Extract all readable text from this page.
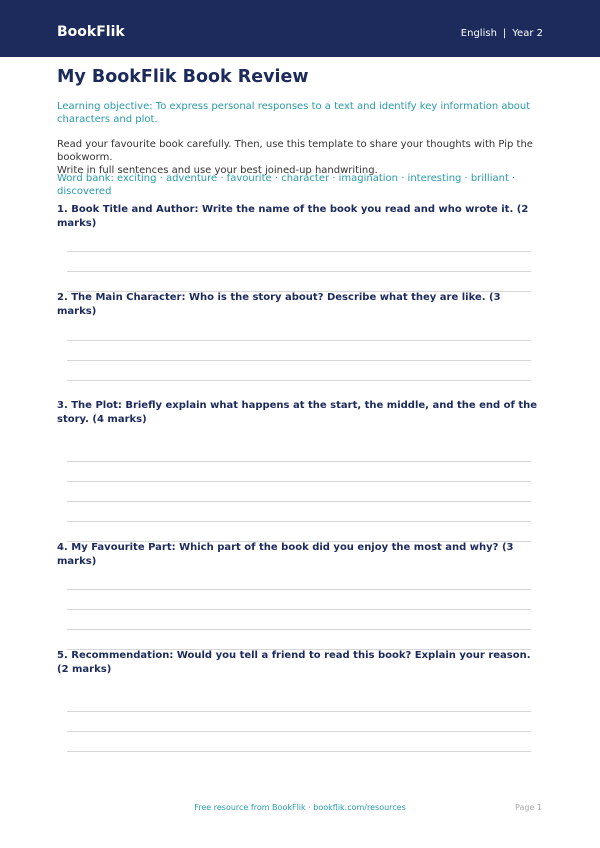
BookFlik	English | Year 2
My BookFlik Book Review
Learning objective: To express personal responses to a text and identify key information about characters and plot.

Read your favourite book carefully. Then, use this template to share your thoughts with Pip the bookworm.

Write in full sentences and use your best joined-up handwriting.

Word bank: exciting · adventure · favourite · character · imagination · interesting · brilliant · discovered
1. Book Title and Author: Write the name of the book you read and who wrote it. (2 marks)
2. The Main Character: Who is the story about? Describe what they are like. (3 marks)
3. The Plot: Briefly explain what happens at the start, the middle, and the end of the story. (4 marks)
4. My Favourite Part: Which part of the book did you enjoy the most and why? (3 marks)
5. Recommendation: Would you tell a friend to read this book? Explain your reason. (2 marks)
Free resource from BookFlik · bookflik.com/resources	Page 1
